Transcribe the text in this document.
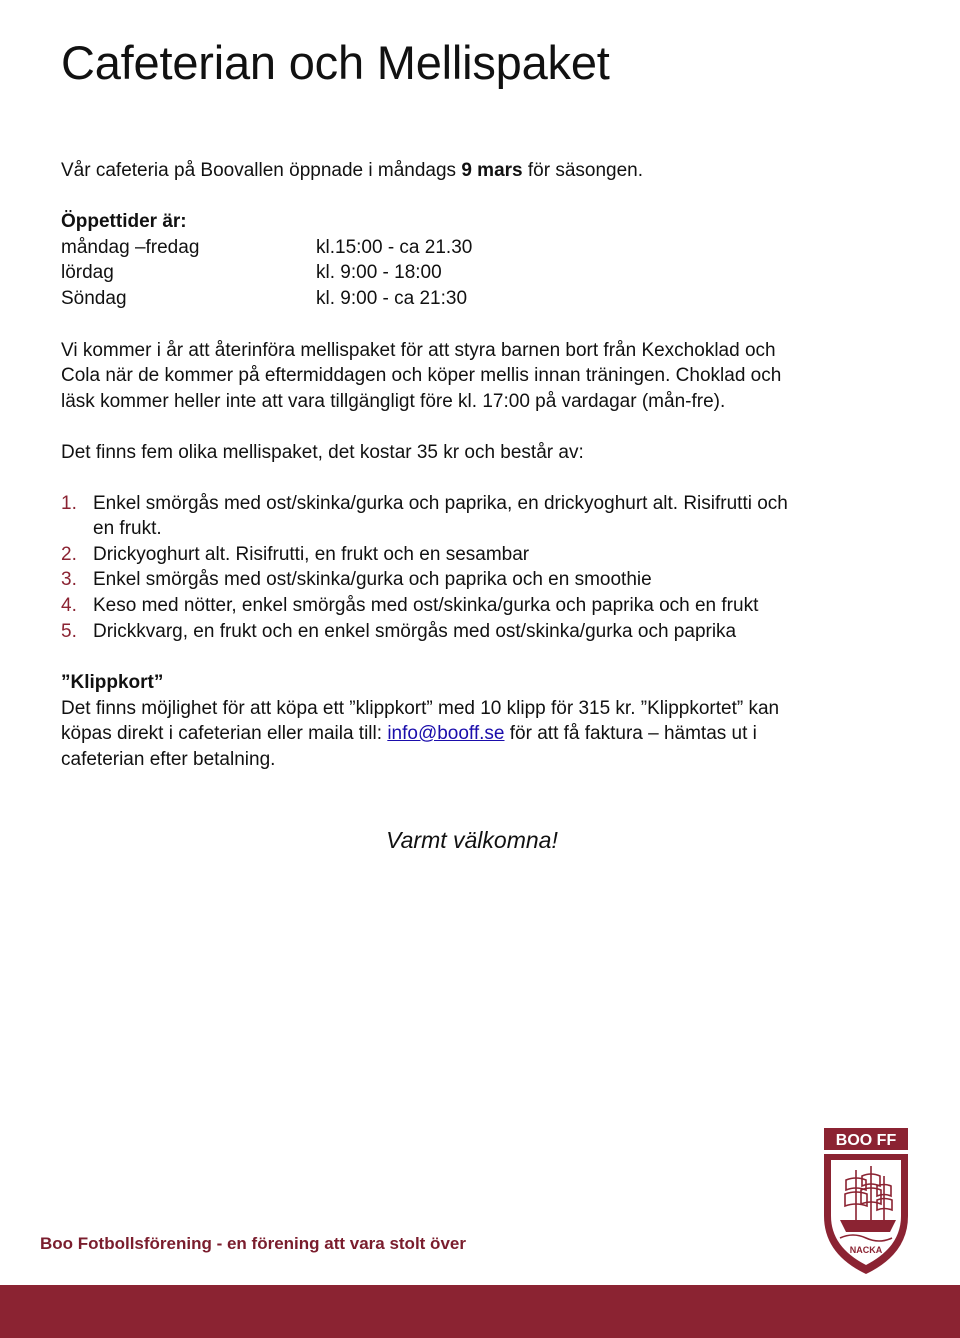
Cafeterian och Mellispaket

Vår cafeteria på Boovallen öppnade i måndags 9 mars för säsongen.

Öppettider är:

måndag –fredag	kl.15:00 - ca 21.30
lördag	kl. 9:00 - 18:00
Söndag	kl. 9:00 - ca 21:30

Vi kommer i år att återinföra mellispaket för att styra barnen bort från Kexchoklad och

Cola när de kommer på eftermiddagen och köper mellis innan träningen. Choklad och

läsk kommer heller inte att vara tillgängligt före kl. 17:00 på vardagar (mån-fre).

Det finns fem olika mellispaket, det kostar 35 kr och består av:

1. Enkel smörgås med ost/skinka/gurka och paprika, en drickyoghurt alt. Risifrutti och
en frukt.
2. Drickyoghurt alt. Risifrutti, en frukt och en sesambar
3. Enkel smörgås med ost/skinka/gurka och paprika och en smoothie
4. Keso med nötter, enkel smörgås med ost/skinka/gurka och paprika och en frukt
5. Drickkvarg, en frukt och en enkel smörgås med ost/skinka/gurka och paprika

”Klippkort”

Det finns möjlighet för att köpa ett ”klippkort” med 10 klipp för 315 kr. ”Klippkortet” kan

köpas direkt i cafeterian eller maila till: info@booff.se för att få faktura – hämtas ut i

cafeterian efter betalning.

Varmt välkomna!
BOO FF
NACKA
Boo Fotbollsförening - en förening att vara stolt över
